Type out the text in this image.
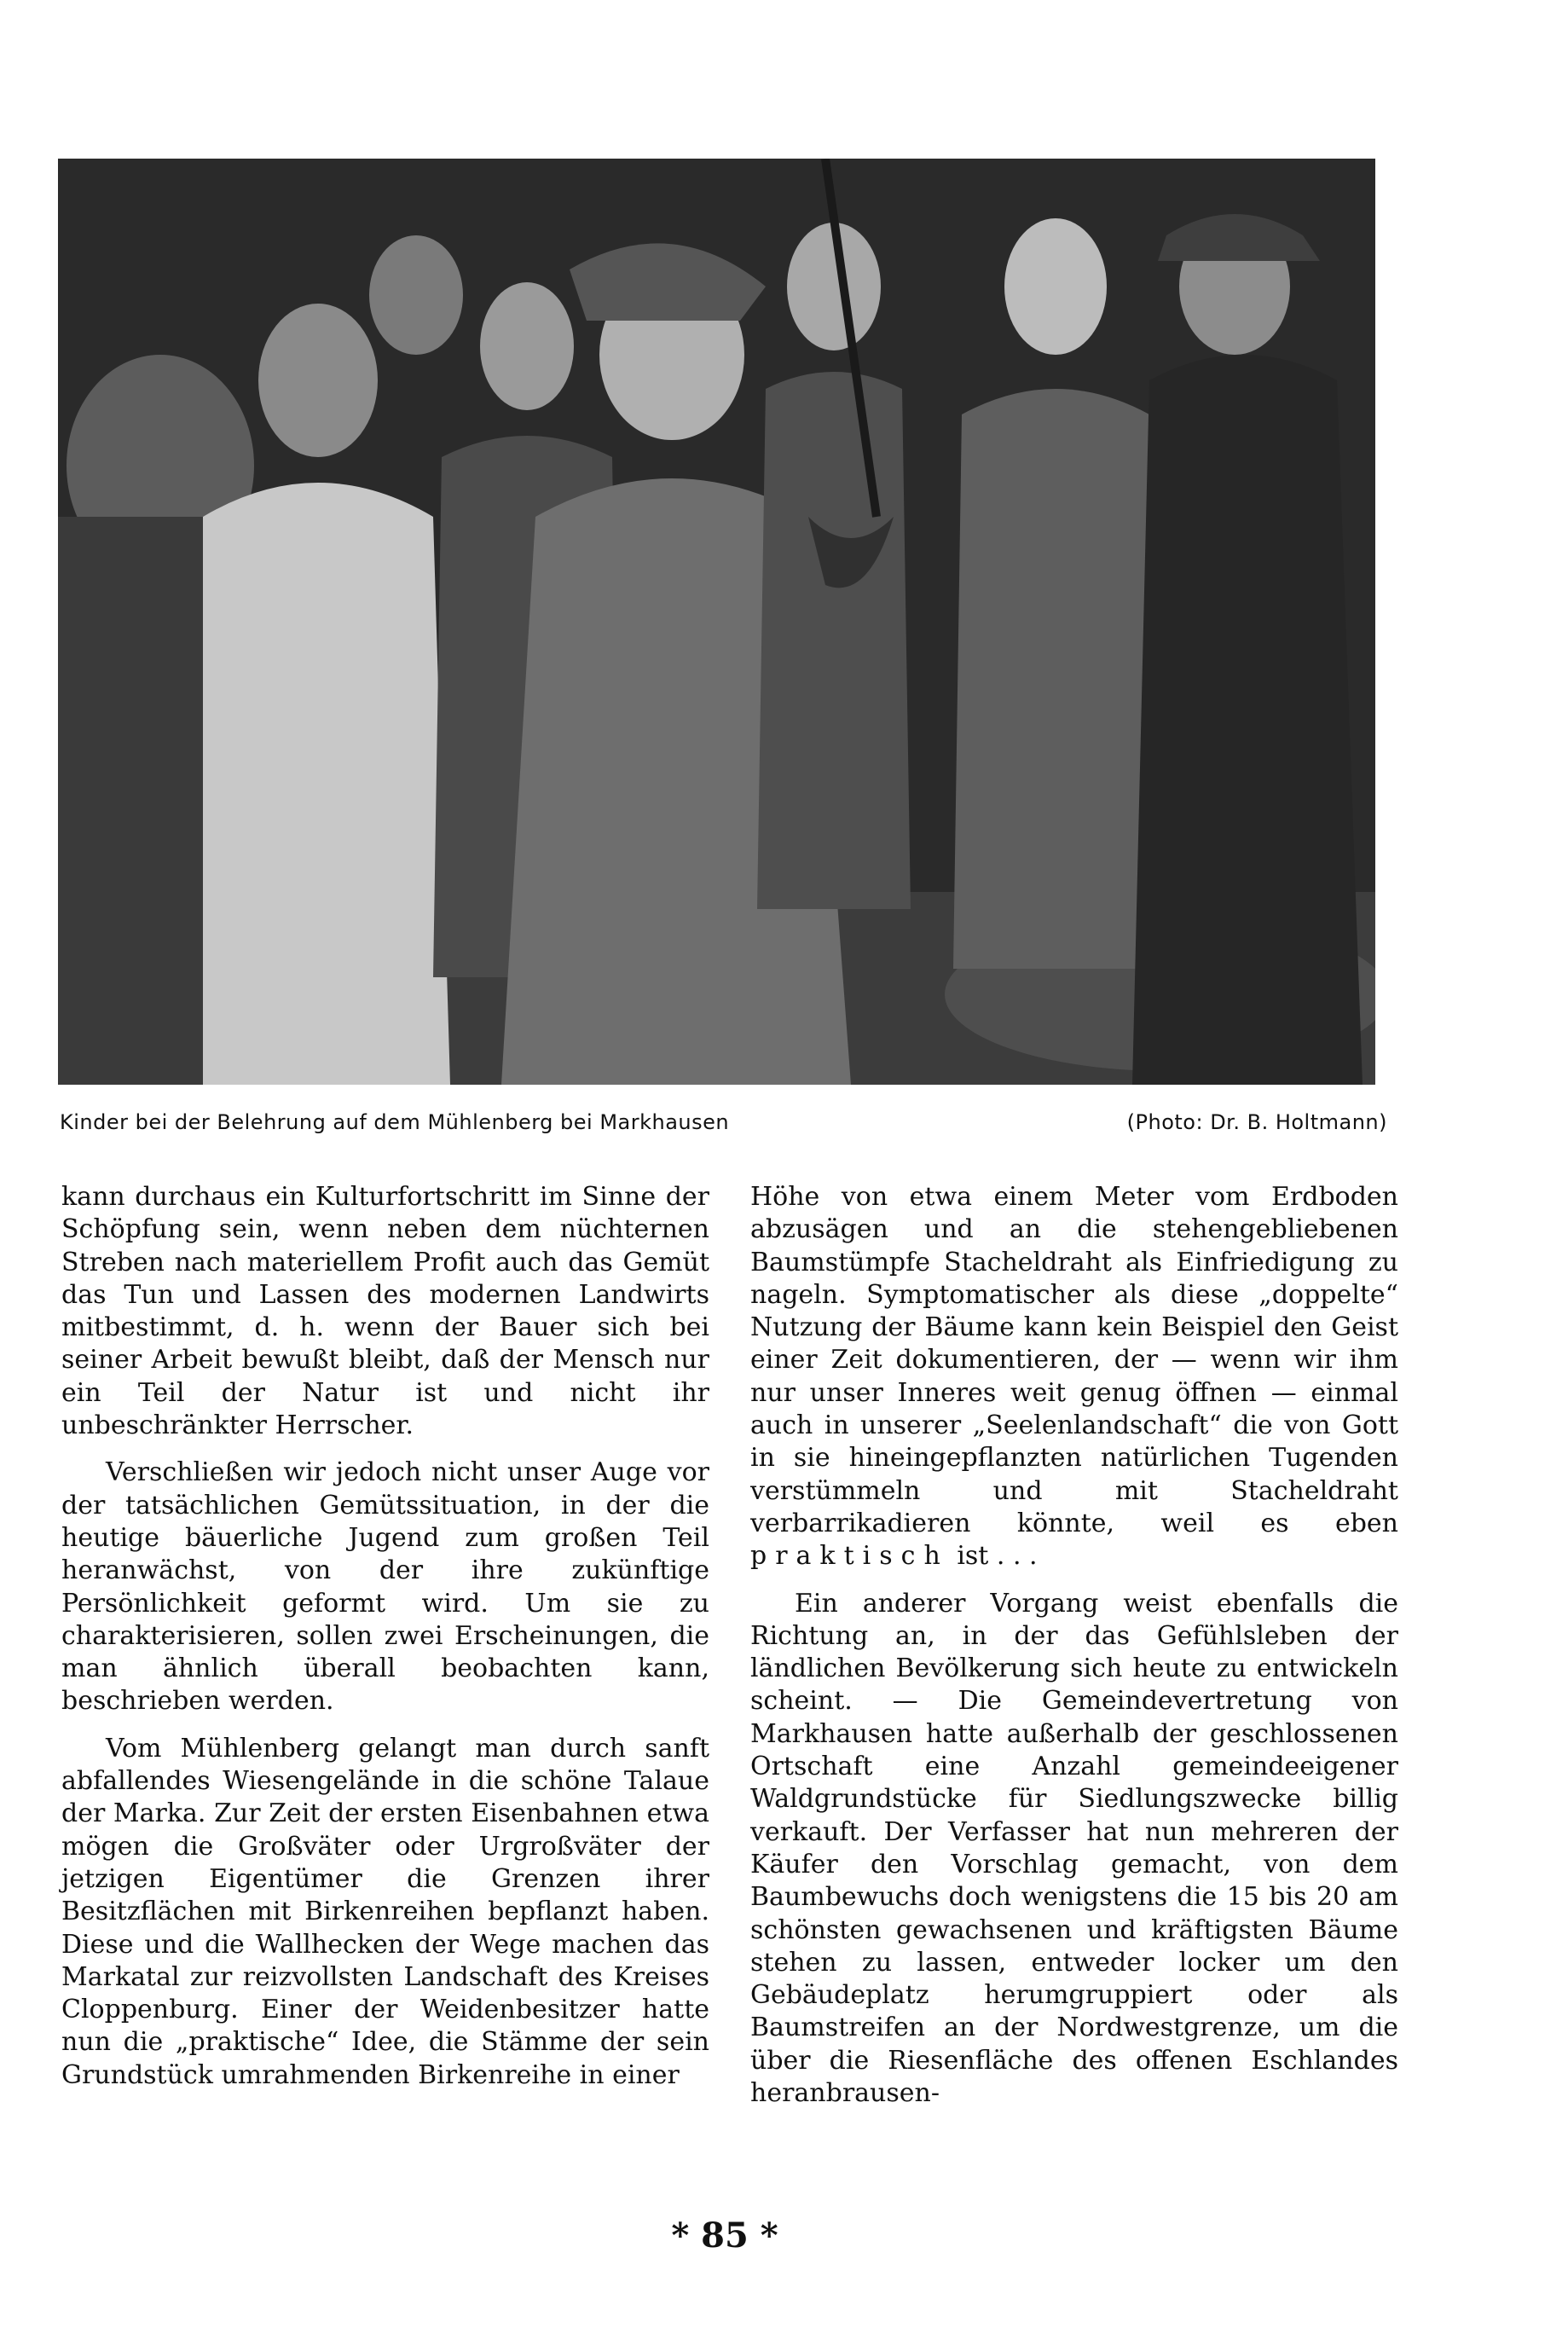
Kinder bei der Belehrung auf dem Mühlenberg bei Markhausen	(Photo: Dr. B. Holtmann)

kann durchaus ein Kulturfortschritt im Sinne der Schöpfung sein, wenn neben dem nüchternen Streben nach materiellem Profit auch das Gemüt das Tun und Lassen des modernen Landwirts mitbestimmt, d. h. wenn der Bauer sich bei seiner Arbeit bewußt bleibt, daß der Mensch nur ein Teil der Natur ist und nicht ihr unbeschränkter Herrscher.

Verschließen wir jedoch nicht unser Auge vor der tatsächlichen Gemütssituation, in der die heutige bäuerliche Jugend zum großen Teil heranwächst, von der ihre zukünftige Persönlichkeit geformt wird. Um sie zu charakterisieren, sollen zwei Erscheinungen, die man ähnlich überall beobachten kann, beschrieben werden.

Vom Mühlenberg gelangt man durch sanft abfallendes Wiesengelände in die schöne Talaue der Marka. Zur Zeit der ersten Eisenbahnen etwa mögen die Großväter oder Urgroßväter der jetzigen Eigentümer die Grenzen ihrer Besitzflächen mit Birkenreihen bepflanzt haben. Diese und die Wallhecken der Wege machen das Markatal zur reizvollsten Landschaft des Kreises Cloppenburg. Einer der Weidenbesitzer hatte nun die „praktische“ Idee, die Stämme der sein Grundstück umrahmenden Birkenreihe in einer

Höhe von etwa einem Meter vom Erdboden abzusägen und an die stehengebliebenen Baumstümpfe Stacheldraht als Einfriedigung zu nageln. Symptomatischer als diese „doppelte“ Nutzung der Bäume kann kein Beispiel den Geist einer Zeit dokumentieren, der — wenn wir ihm nur unser Inneres weit genug öffnen — einmal auch in unserer „Seelenlandschaft“ die von Gott in sie hineingepflanzten natürlichen Tugenden verstümmeln und mit Stacheldraht verbarrikadieren könnte, weil es eben praktisch ist . . .

Ein anderer Vorgang weist ebenfalls die Richtung an, in der das Gefühlsleben der ländlichen Bevölkerung sich heute zu entwickeln scheint. — Die Gemeindevertretung von Markhausen hatte außerhalb der geschlossenen Ortschaft eine Anzahl gemeindeeigener Waldgrundstücke für Siedlungszwecke billig verkauft. Der Verfasser hat nun mehreren der Käufer den Vorschlag gemacht, von dem Baumbewuchs doch wenigstens die 15 bis 20 am schönsten gewachsenen und kräftigsten Bäume stehen zu lassen, entweder locker um den Gebäudeplatz herumgruppiert oder als Baumstreifen an der Nordwestgrenze, um die über die Riesenfläche des offenen Eschlandes heranbrausen-

* 85 *
